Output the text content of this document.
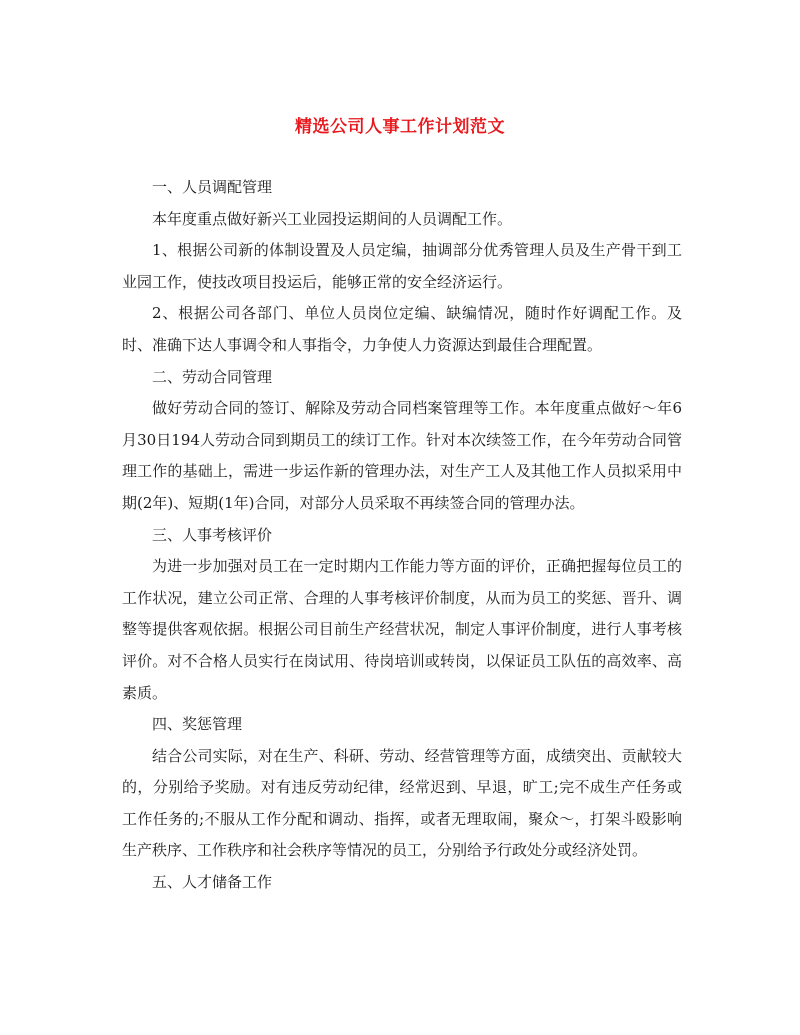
精选公司人事工作计划范文

一、人员调配管理

本年度重点做好新兴工业园投运期间的人员调配工作。

1、根据公司新的体制设置及人员定编，抽调部分优秀管理人员及生产骨干到工业园工作，使技改项目投运后，能够正常的安全经济运行。

2、根据公司各部门、单位人员岗位定编、缺编情况，随时作好调配工作。及时、准确下达人事调令和人事指令，力争使人力资源达到最佳合理配置。

二、劳动合同管理

做好劳动合同的签订、解除及劳动合同档案管理等工作。本年度重点做好～年6月30日194人劳动合同到期员工的续订工作。针对本次续签工作，在今年劳动合同管理工作的基础上，需进一步运作新的管理办法，对生产工人及其他工作人员拟采用中期(2年)、短期(1年)合同，对部分人员采取不再续签合同的管理办法。

三、人事考核评价

为进一步加强对员工在一定时期内工作能力等方面的评价，正确把握每位员工的工作状况，建立公司正常、合理的人事考核评价制度，从而为员工的奖惩、晋升、调整等提供客观依据。根据公司目前生产经营状况，制定人事评价制度，进行人事考核评价。对不合格人员实行在岗试用、待岗培训或转岗，以保证员工队伍的高效率、高素质。

四、奖惩管理

结合公司实际，对在生产、科研、劳动、经营管理等方面，成绩突出、贡献较大的，分别给予奖励。对有违反劳动纪律，经常迟到、早退，旷工;完不成生产任务或工作任务的;不服从工作分配和调动、指挥，或者无理取闹，聚众～，打架斗殴影响生产秩序、工作秩序和社会秩序等情况的员工，分别给予行政处分或经济处罚。

五、人才储备工作
